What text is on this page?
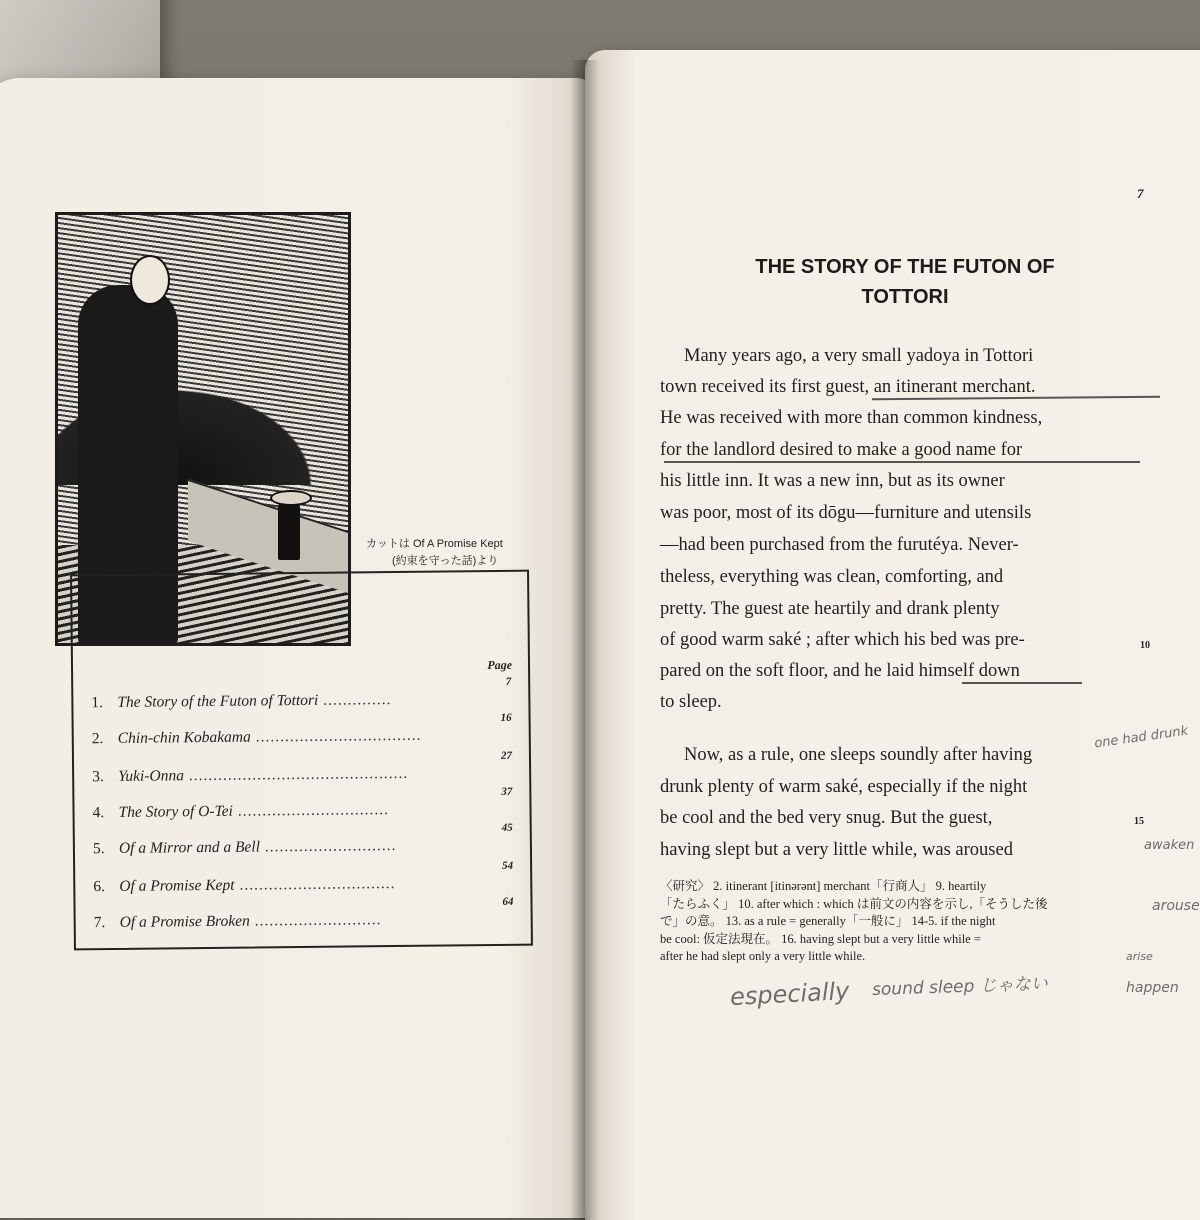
カットは Of A Promise Kept
(約束を守った話)より
Page
1. The Story of the Futon of Tottori ..............
7
2. Chin-chin Kobakama ..................................
16
3. Yuki-Onna .............................................
27
4. The Story of O-Tei ...............................
37
5. Of a Mirror and a Bell ...........................
45
6. Of a Promise Kept ................................
54
7. Of a Promise Broken ..........................
64
7
THE STORY OF THE FUTON OF
TOTTORI
Many years ago, a very small yadoya in Tottori
town received its first guest, an itinerant merchant.
He was received with more than common kindness,
for the landlord desired to make a good name for
his little inn. It was a new inn, but as its owner
was poor, most of its dōgu—furniture and utensils
—had been purchased from the furutéya. Never-
theless, everything was clean, comforting, and
pretty. The guest ate heartily and drank plenty
of good warm saké ; after which his bed was pre-
pared on the soft floor, and he laid himself down
to sleep.
Now, as a rule, one sleeps soundly after having
drunk plenty of warm saké, especially if the night
be cool and the bed very snug. But the guest,
having slept but a very little while, was aroused
10
15
〈研究〉 2. itinerant [itinərənt] merchant「行商人」 9. heartily
「たらふく」 10. after which : which は前文の内容を示し,「そうした後
で」の意。 13. as a rule = generally「一般に」 14-5. if the night
be cool: 仮定法現在。 16. having slept but a very little while =
after he had slept only a very little while.
especially sound sleep じゃない
one had drunk
awaken
arouse
arise
happen
